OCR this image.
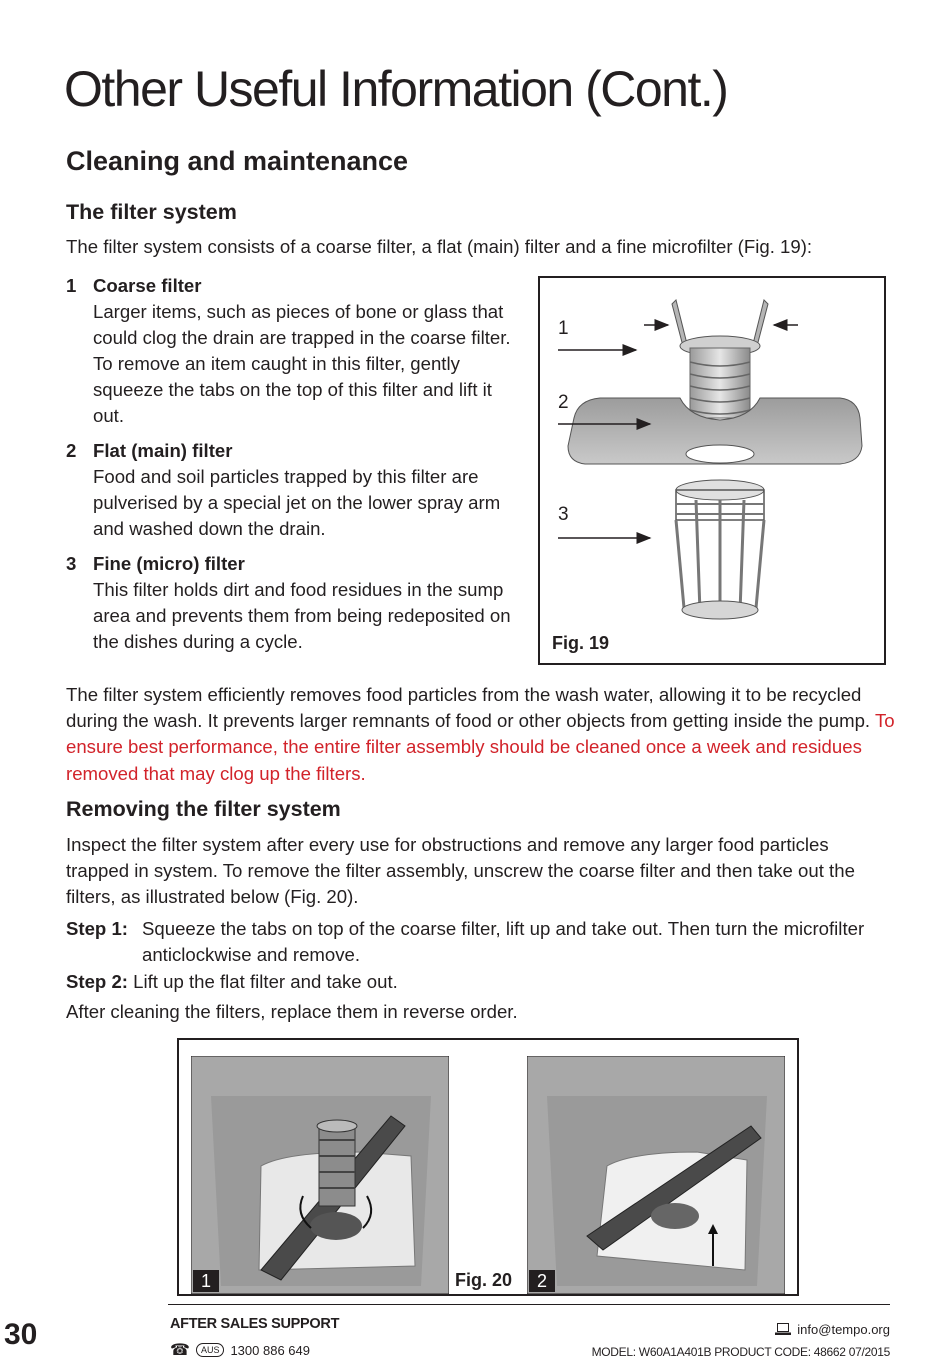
Other Useful Information (Cont.)
Cleaning and maintenance
The filter system

The filter system consists of a coarse filter, a flat (main) filter and a fine microfilter (Fig. 19):

1 Coarse filter
Larger items, such as pieces of bone or glass that could clog the drain are trapped in the coarse filter. To remove an item caught in this filter, gently squeeze the tabs on the top of this filter and lift it out.
2 Flat (main) filter
Food and soil particles trapped by this filter are pulverised by a special jet on the lower spray arm and washed down the drain.
3 Fine (micro) filter
This filter holds dirt and food residues in the sump area and prevents them from being redeposited on the dishes during a cycle.
1
2
3
Fig. 19

The filter system efficiently removes food particles from the wash water, allowing it to be recycled during the wash. It prevents larger remnants of food or other objects from getting inside the pump. To ensure best performance, the entire filter assembly should be cleaned once a week and residues removed that may clog up the filters.

Removing the filter system

Inspect the filter system after every use for obstructions and remove any larger food particles trapped in system. To remove the filter assembly, unscrew the coarse filter and then take out the filters, as illustrated below (Fig. 20).

Step 1: Squeeze the tabs on top of the coarse filter, lift up and take out. Then turn the microfilter anticlockwise and remove.
Step 2: Lift up the flat filter and take out.
After cleaning the filters, replace them in reverse order.
1	2
Fig. 20
30	AFTER SALES SUPPORT
☎	AUS 1300 886 649
info@tempo.org
MODEL: W60A1A401B PRODUCT CODE: 48662 07/2015
